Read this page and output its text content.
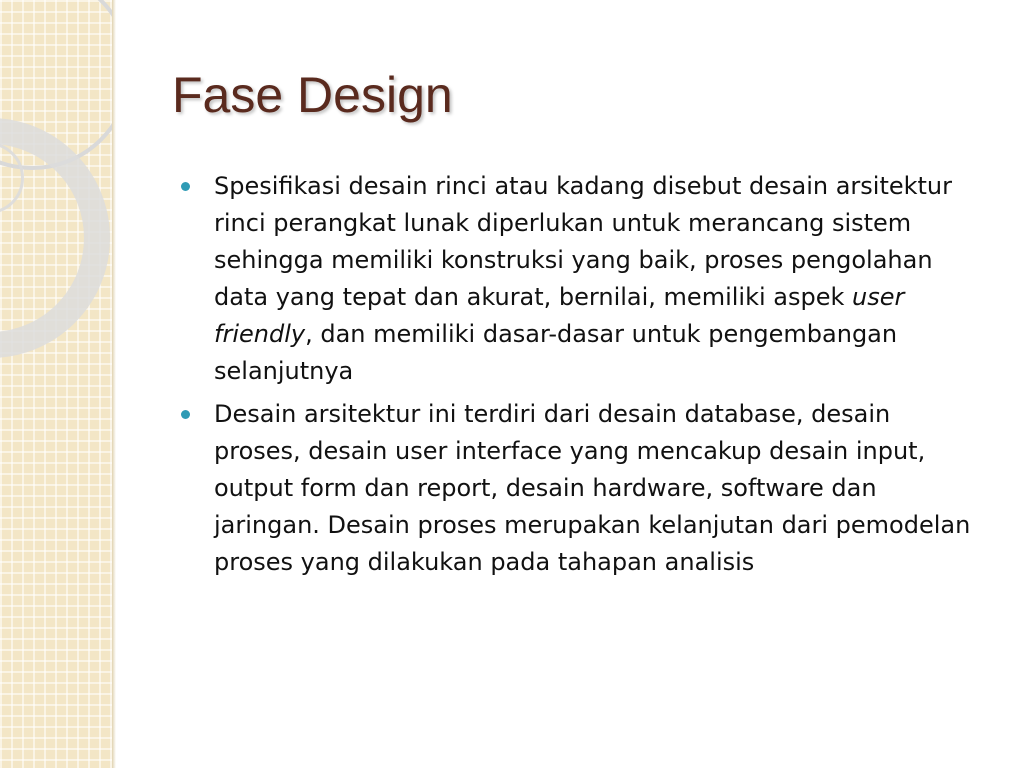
Fase Design
Spesifikasi desain rinci atau kadang disebut desain arsitektur rinci perangkat lunak diperlukan untuk merancang sistem sehingga memiliki konstruksi yang baik, proses pengolahan data yang tepat dan akurat, bernilai, memiliki aspek user friendly, dan memiliki dasar-dasar untuk pengembangan selanjutnya
Desain arsitektur ini terdiri dari desain database, desain proses, desain user interface yang mencakup desain input, output form dan report, desain hardware, software dan jaringan. Desain proses merupakan kelanjutan dari pemodelan proses yang dilakukan pada tahapan analisis
